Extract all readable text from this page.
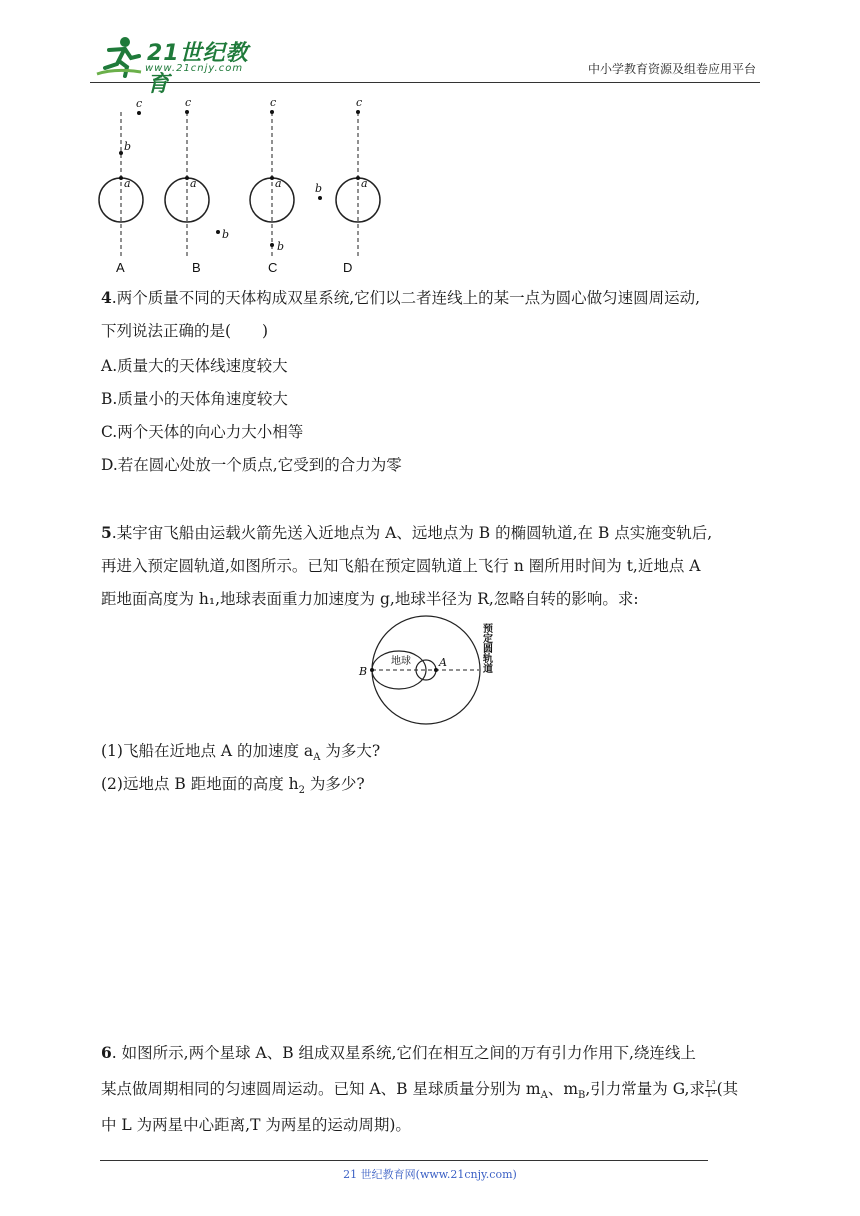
21世纪教育
www.21cnjy.com	中小学教育资源及组卷应用平台
a
b
c
a
c
b
a
c
b
a
c
b
A	B	C	D
4.两个质量不同的天体构成双星系统,它们以二者连线上的某一点为圆心做匀速圆周运动,
下列说法正确的是(　　)
A.质量大的天体线速度较大
B.质量小的天体角速度较大
C.两个天体的向心力大小相等
D.若在圆心处放一个质点,它受到的合力为零
5.某宇宙飞船由运载火箭先送入近地点为 A、远地点为 B 的椭圆轨道,在 B 点实施变轨后,
再进入预定圆轨道,如图所示。已知飞船在预定圆轨道上飞行 n 圈所用时间为 t,近地点 A
距地面高度为 h₁,地球表面重力加速度为 g,地球半径为 R,忽略自转的影响。求:
地球
B
A	预定圆轨道
(1)飞船在近地点 A 的加速度 $a_A$ 为多大?
(2)远地点 B 距地面的高度 $h_2$ 为多少?
6. 如图所示,两个星球 A、B 组成双星系统,它们在相互之间的万有引力作用下,绕连线上
某点做周期相同的匀速圆周运动。已知 A、B 星球质量分别为 $m_A$、$m_B$,引力常量为 G,求 $\frac{\text{L³}}{\text{T²}}$ (其
中 L 为两星中心距离,T 为两星的运动周期)。
21 世纪教育网(www.21cnjy.com)
